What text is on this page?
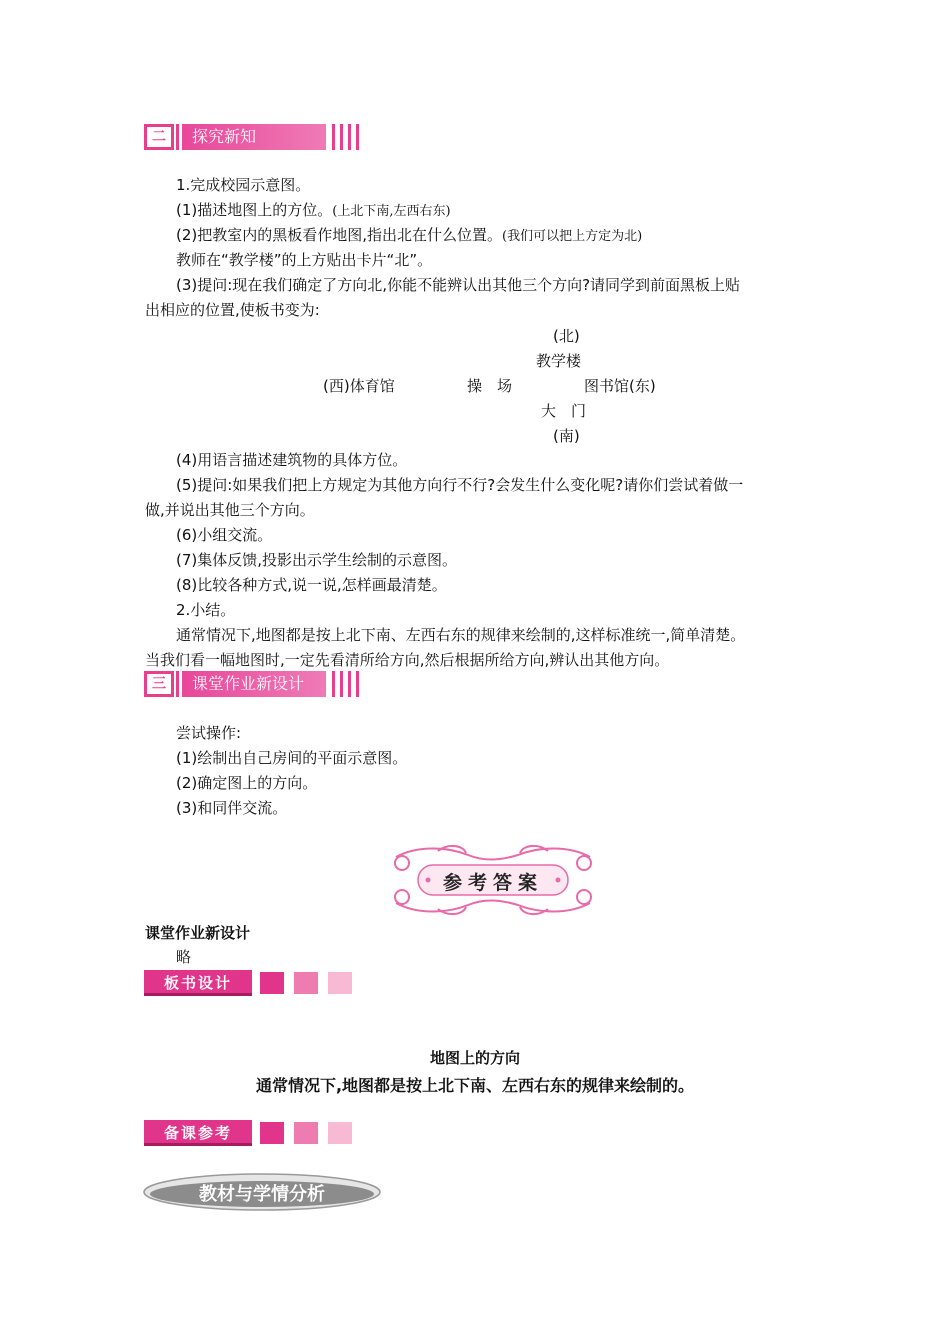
二	探究新知
1.完成校园示意图。
(1)描述地图上的方位。(上北下南,左西右东)
(2)把教室内的黑板看作地图,指出北在什么位置。(我们可以把上方定为北)
教师在“教学楼”的上方贴出卡片“北”。
(3)提问:现在我们确定了方向北,你能不能辨认出其他三个方向?请同学到前面黑板上贴
出相应的位置,使板书变为:
(北)
教学楼
(西)体育馆	操　场	图书馆(东)
大　门
(南)
(4)用语言描述建筑物的具体方位。
(5)提问:如果我们把上方规定为其他方向行不行?会发生什么变化呢?请你们尝试着做一
做,并说出其他三个方向。
(6)小组交流。
(7)集体反馈,投影出示学生绘制的示意图。
(8)比较各种方式,说一说,怎样画最清楚。
2.小结。
通常情况下,地图都是按上北下南、左西右东的规律来绘制的,这样标准统一,简单清楚。
当我们看一幅地图时,一定先看清所给方向,然后根据所给方向,辨认出其他方向。
三	课堂作业新设计
尝试操作:
(1)绘制出自己房间的平面示意图。
(2)确定图上的方向。
(3)和同伴交流。
参考答案
课堂作业新设计
略
板书设计
地图上的方向
通常情况下,地图都是按上北下南、左西右东的规律来绘制的。
备课参考
教材与学情分析
